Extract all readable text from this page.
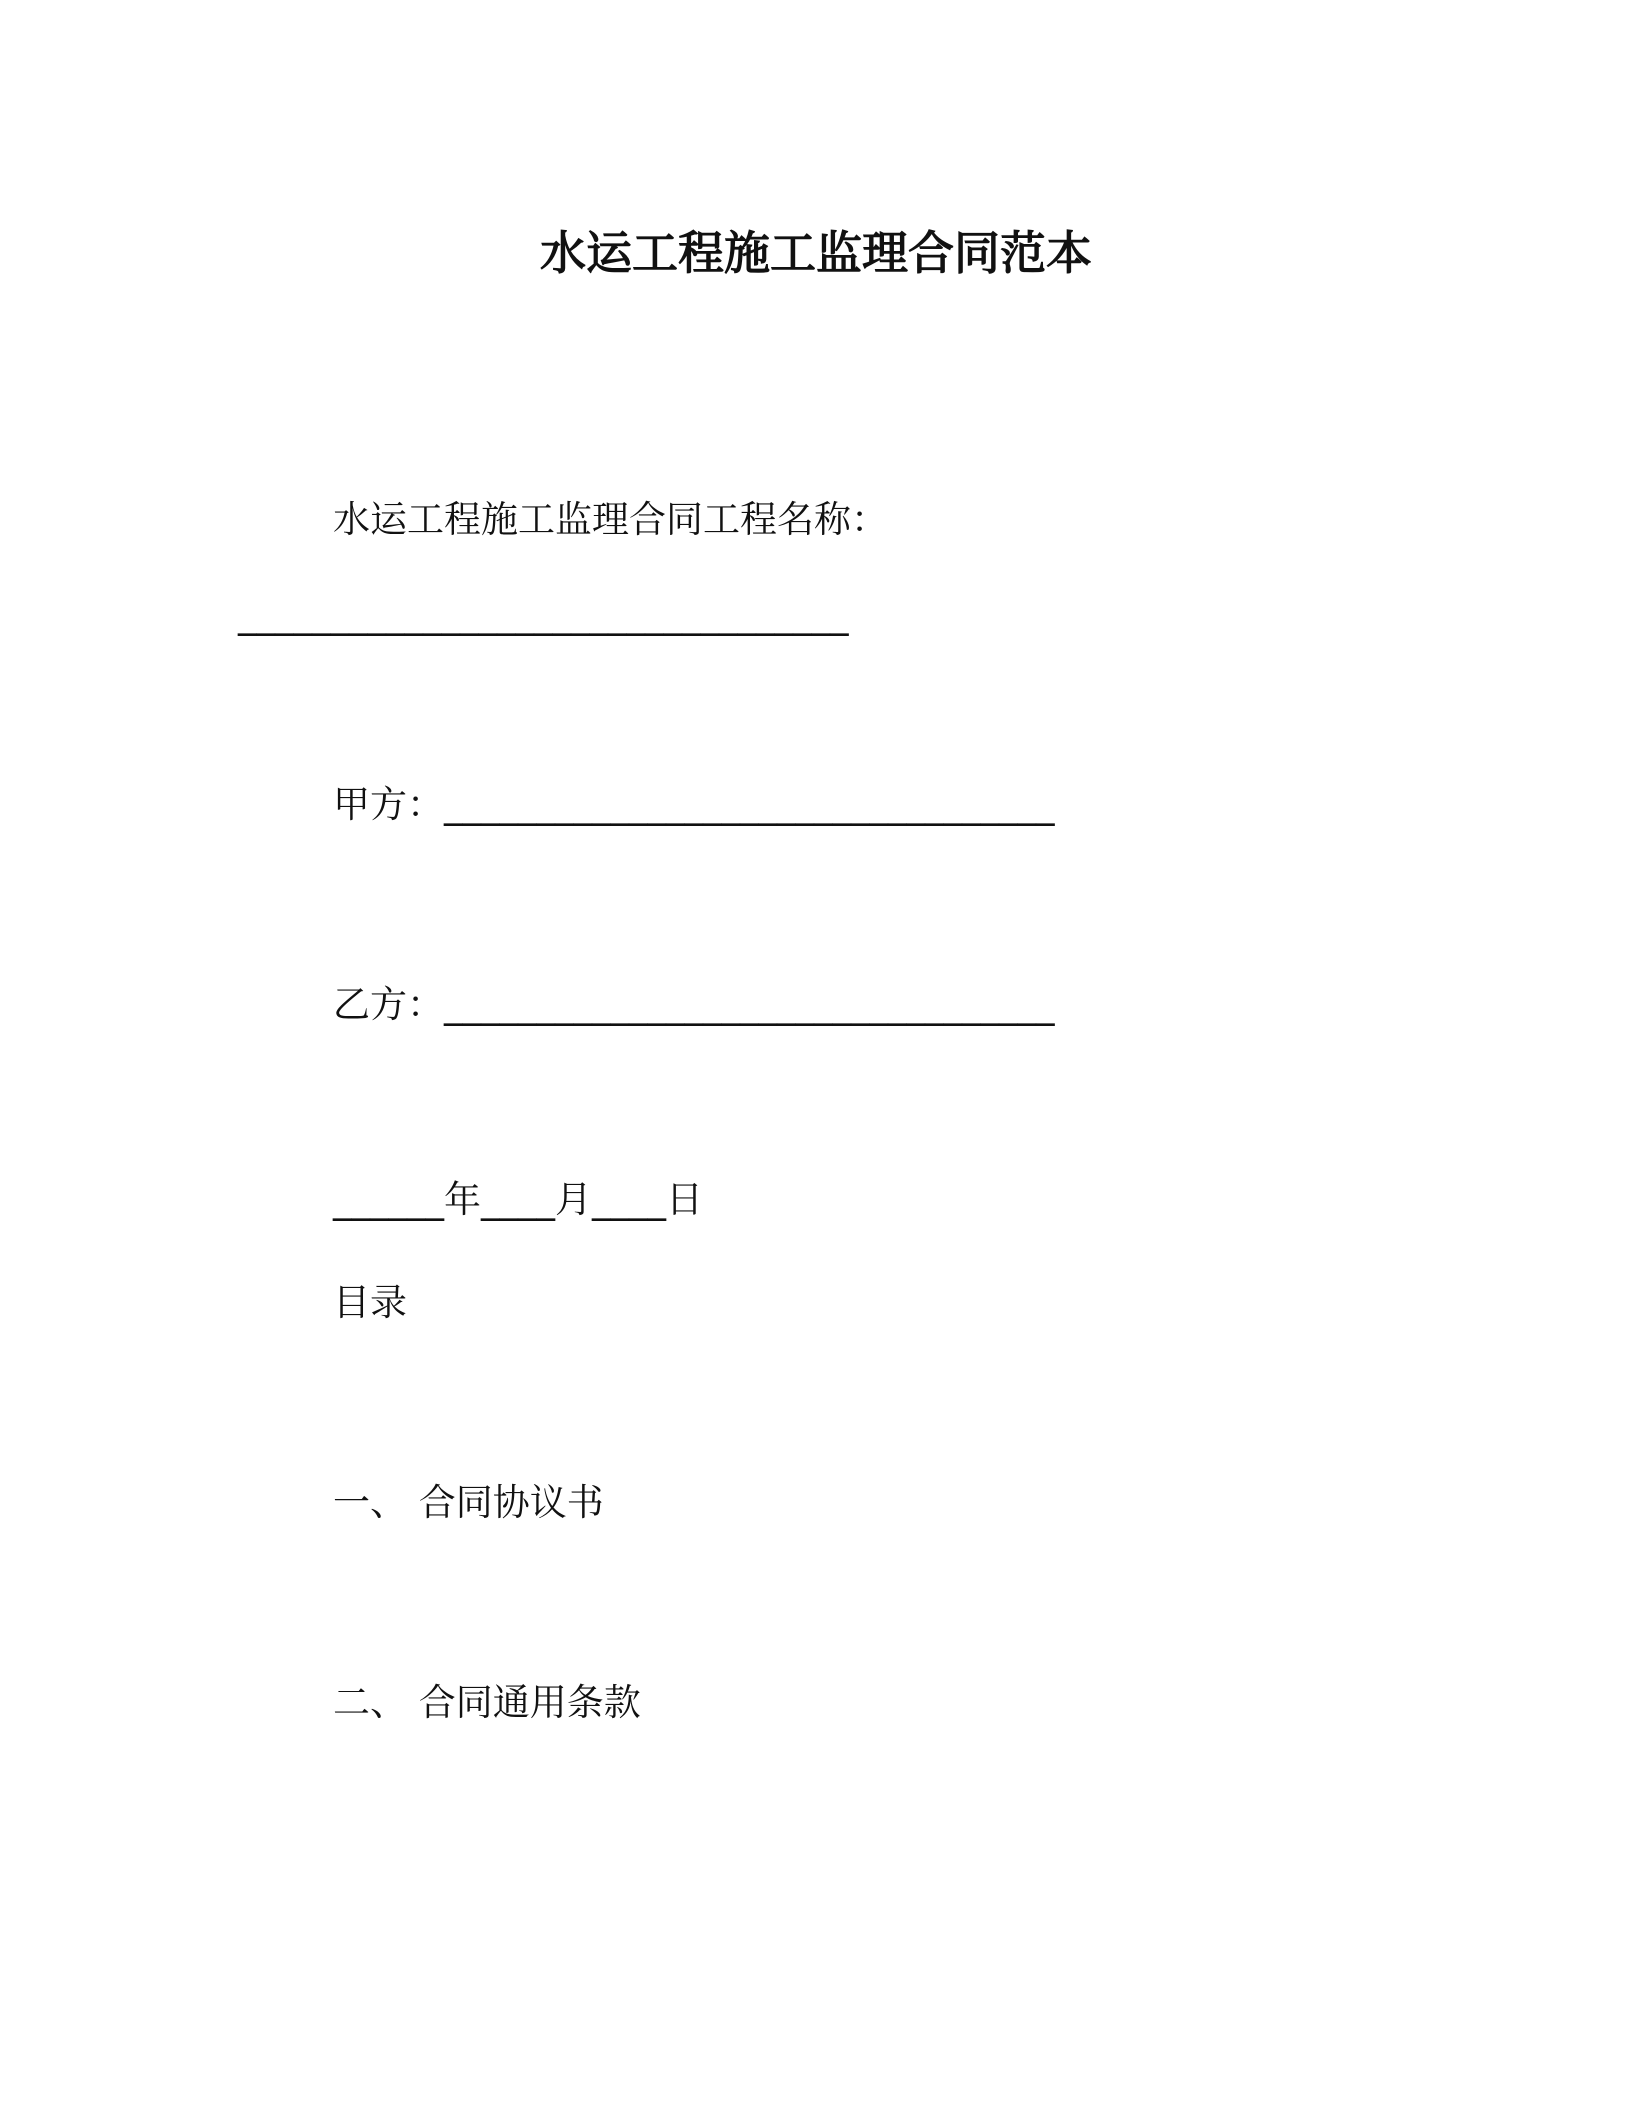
水运工程施工监理合同范本
水运工程施工监理合同工程名称：
_________________________________
甲方：_________________________________
乙方：_________________________________
______年____月____日
目录
一、 合同协议书
二、 合同通用条款
